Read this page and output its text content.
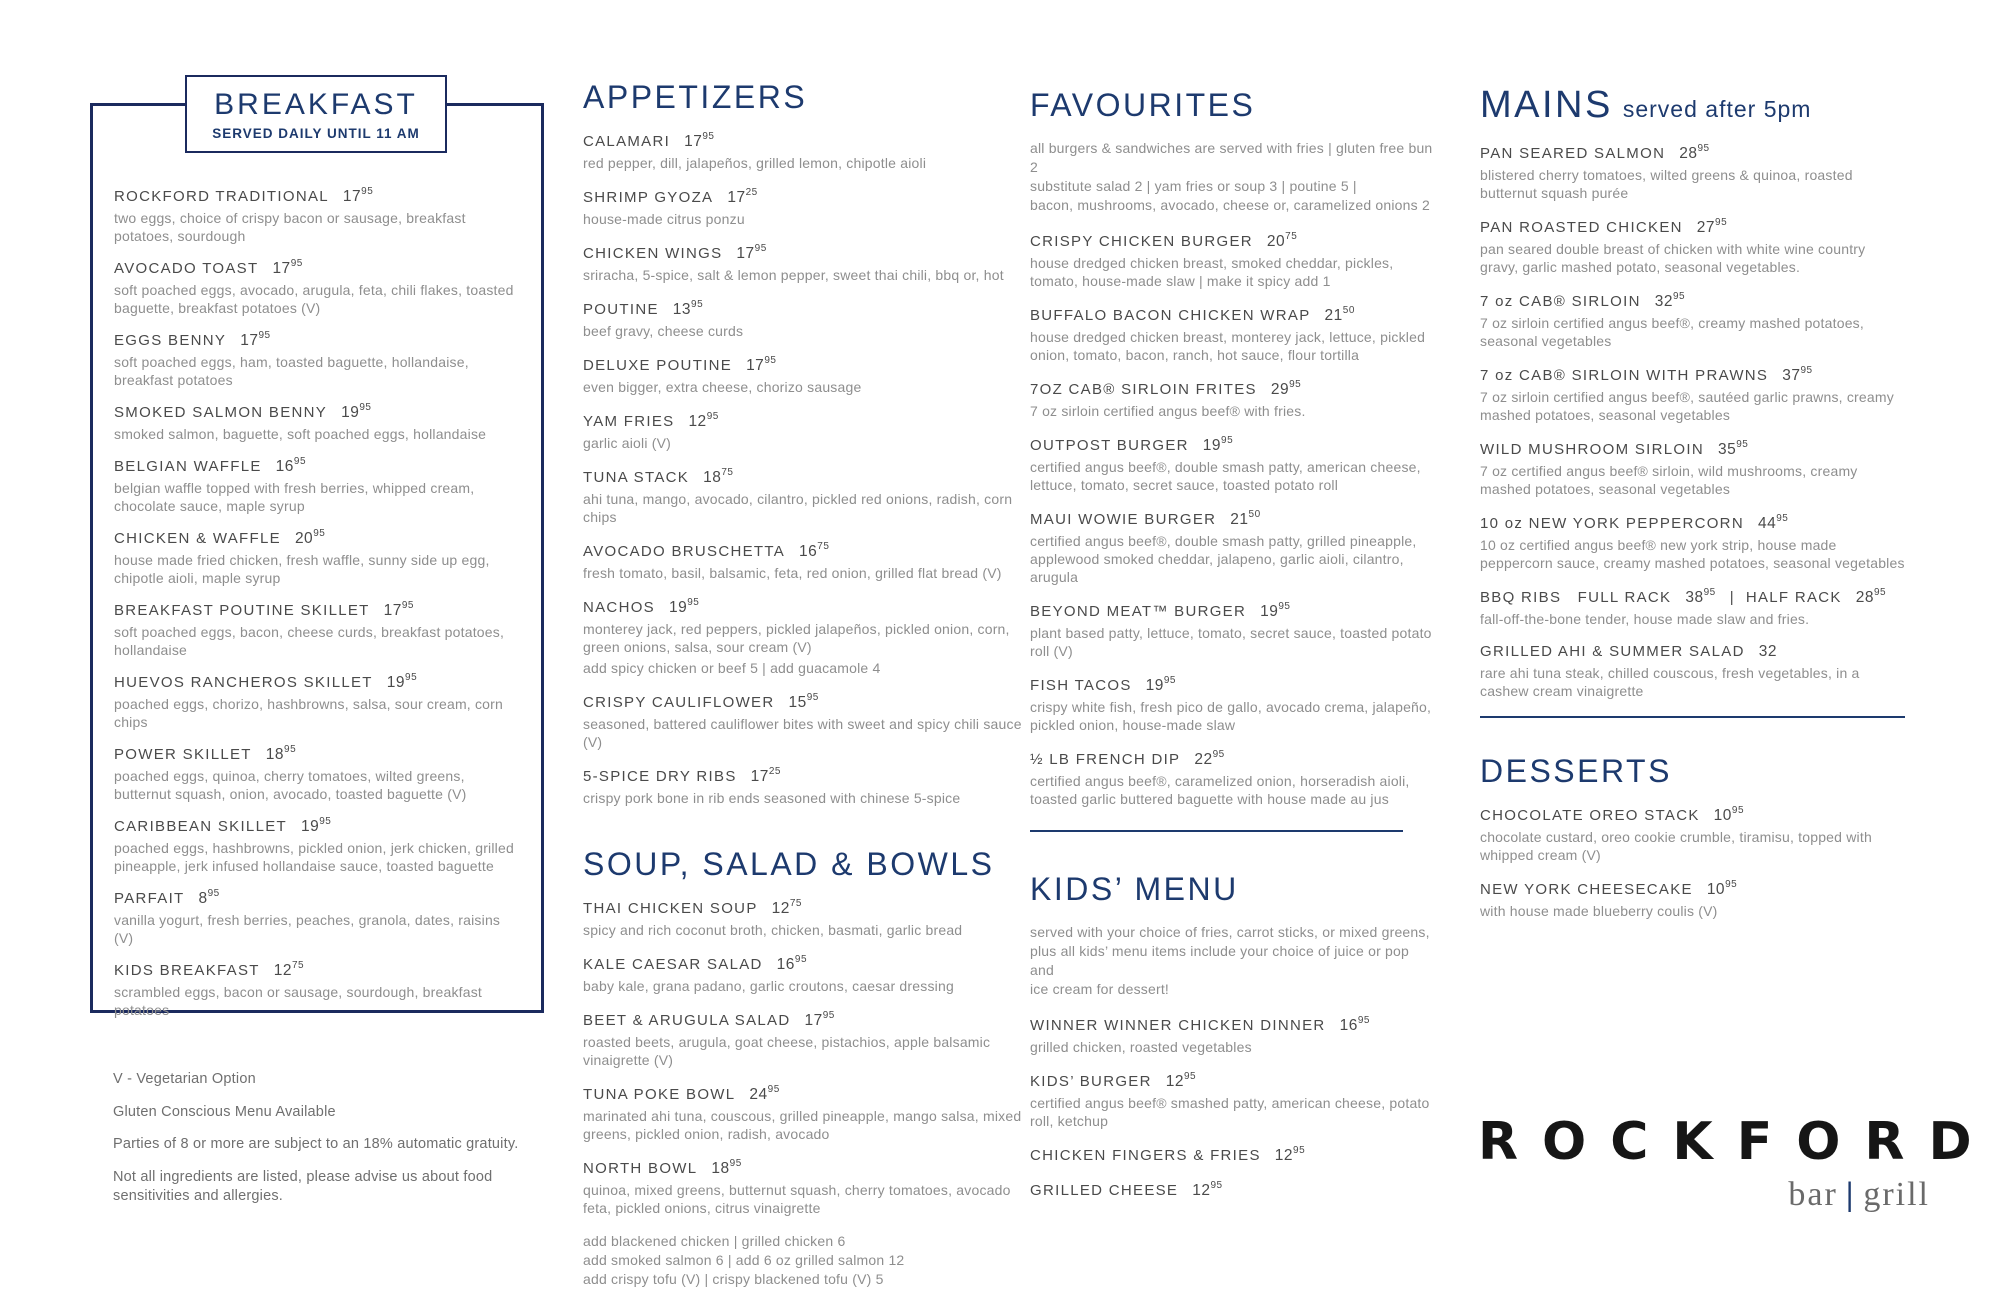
BREAKFAST
SERVED DAILY UNTIL 11 AM
ROCKFORD TRADITIONAL $17^{95}$
two eggs, choice of crispy bacon or sausage, breakfast potatoes, sourdough
AVOCADO TOAST $17^{95}$
soft poached eggs, avocado, arugula, feta, chili flakes, toasted baguette, breakfast potatoes (V)
EGGS BENNY $17^{95}$
soft poached eggs, ham, toasted baguette, hollandaise, breakfast potatoes
SMOKED SALMON BENNY $19^{95}$
smoked salmon, baguette, soft poached eggs, hollandaise
BELGIAN WAFFLE $16^{95}$
belgian waffle topped with fresh berries, whipped cream, chocolate sauce, maple syrup
CHICKEN & WAFFLE $20^{95}$
house made fried chicken, fresh waffle, sunny side up egg, chipotle aioli, maple syrup
BREAKFAST POUTINE SKILLET $17^{95}$
soft poached eggs, bacon, cheese curds, breakfast potatoes, hollandaise
HUEVOS RANCHEROS SKILLET $19^{95}$
poached eggs, chorizo, hashbrowns, salsa, sour cream, corn chips
POWER SKILLET $18^{95}$
poached eggs, quinoa, cherry tomatoes, wilted greens, butternut squash, onion, avocado, toasted baguette (V)
CARIBBEAN SKILLET $19^{95}$
poached eggs, hashbrowns, pickled onion, jerk chicken, grilled pineapple, jerk infused hollandaise sauce, toasted baguette
PARFAIT $8^{95}$
vanilla yogurt, fresh berries, peaches, granola, dates, raisins (V)
KIDS BREAKFAST $12^{75}$
scrambled eggs, bacon or sausage, sourdough, breakfast potatoes

V - Vegetarian Option

Gluten Conscious Menu Available

Parties of 8 or more are subject to an 18% automatic gratuity.

Not all ingredients are listed, please advise us about food sensitivities and allergies.

APPETIZERS
CALAMARI $17^{95}$
red pepper, dill, jalapeños, grilled lemon, chipotle aioli
SHRIMP GYOZA $17^{25}$
house-made citrus ponzu
CHICKEN WINGS $17^{95}$
sriracha, 5-spice, salt & lemon pepper, sweet thai chili, bbq or, hot
POUTINE $13^{95}$
beef gravy, cheese curds
DELUXE POUTINE $17^{95}$
even bigger, extra cheese, chorizo sausage
YAM FRIES $12^{95}$
garlic aioli (V)
TUNA STACK $18^{75}$
ahi tuna, mango, avocado, cilantro, pickled red onions, radish, corn chips
AVOCADO BRUSCHETTA $16^{75}$
fresh tomato, basil, balsamic, feta, red onion, grilled flat bread (V)
NACHOS $19^{95}$
monterey jack, red peppers, pickled jalapeños, pickled onion, corn, green onions, salsa, sour cream (V)
add spicy chicken or beef 5 | add guacamole 4
CRISPY CAULIFLOWER $15^{95}$
seasoned, battered cauliflower bites with sweet and spicy chili sauce (V)
5-SPICE DRY RIBS $17^{25}$
crispy pork bone in rib ends seasoned with chinese 5-spice
SOUP, SALAD & BOWLS
THAI CHICKEN SOUP $12^{75}$
spicy and rich coconut broth, chicken, basmati, garlic bread
KALE CAESAR SALAD $16^{95}$
baby kale, grana padano, garlic croutons, caesar dressing
BEET & ARUGULA SALAD $17^{95}$
roasted beets, arugula, goat cheese, pistachios, apple balsamic vinaigrette (V)
TUNA POKE BOWL $24^{95}$
marinated ahi tuna, couscous, grilled pineapple, mango salsa, mixed greens, pickled onion, radish, avocado
NORTH BOWL $18^{95}$
quinoa, mixed greens, butternut squash, cherry tomatoes, avocado feta, pickled onions, citrus vinaigrette
add blackened chicken | grilled chicken 6
add smoked salmon 6 | add 6 oz grilled salmon 12
add crispy tofu (V) | crispy blackened tofu (V) 5
FAVOURITES
all burgers & sandwiches are served with fries | gluten free bun 2
substitute salad 2 | yam fries or soup 3 | poutine 5 |
bacon, mushrooms, avocado, cheese or, caramelized onions 2
CRISPY CHICKEN BURGER $20^{75}$
house dredged chicken breast, smoked cheddar, pickles, tomato, house-made slaw | make it spicy add 1
BUFFALO BACON CHICKEN WRAP $21^{50}$
house dredged chicken breast, monterey jack, lettuce, pickled onion, tomato, bacon, ranch, hot sauce, flour tortilla
7OZ CAB® SIRLOIN FRITES $29^{95}$
7 oz sirloin certified angus beef® with fries.
OUTPOST BURGER $19^{95}$
certified angus beef®, double smash patty, american cheese, lettuce, tomato, secret sauce, toasted potato roll
MAUI WOWIE BURGER $21^{50}$
certified angus beef®, double smash patty, grilled pineapple, applewood smoked cheddar, jalapeno, garlic aioli, cilantro, arugula
BEYOND MEAT™ BURGER $19^{95}$
plant based patty, lettuce, tomato, secret sauce, toasted potato roll (V)
FISH TACOS $19^{95}$
crispy white fish, fresh pico de gallo, avocado crema, jalapeño, pickled onion, house-made slaw
½ LB FRENCH DIP $22^{95}$
certified angus beef®, caramelized onion, horseradish aioli, toasted garlic buttered baguette with house made au jus
KIDS’ MENU
served with your choice of fries, carrot sticks, or mixed greens,
plus all kids’ menu items include your choice of juice or pop and
ice cream for dessert!
WINNER WINNER CHICKEN DINNER $16^{95}$
grilled chicken, roasted vegetables
KIDS’ BURGER $12^{95}$
certified angus beef® smashed patty, american cheese, potato roll, ketchup
CHICKEN FINGERS & FRIES $12^{95}$
GRILLED CHEESE $12^{95}$
MAINS served after 5pm
PAN SEARED SALMON $28^{95}$
blistered cherry tomatoes, wilted greens & quinoa, roasted butternut squash purée
PAN ROASTED CHICKEN $27^{95}$
pan seared double breast of chicken with white wine country gravy, garlic mashed potato, seasonal vegetables.
7 oz CAB® SIRLOIN $32^{95}$
7 oz sirloin certified angus beef®, creamy mashed potatoes, seasonal vegetables
7 oz CAB® SIRLOIN WITH PRAWNS $37^{95}$
7 oz sirloin certified angus beef®, sautéed garlic prawns, creamy mashed potatoes, seasonal vegetables
WILD MUSHROOM SIRLOIN $35^{95}$
7 oz certified angus beef® sirloin, wild mushrooms, creamy mashed potatoes, seasonal vegetables
10 oz NEW YORK PEPPERCORN $44^{95}$
10 oz certified angus beef® new york strip, house made peppercorn sauce, creamy mashed potatoes, seasonal vegetables
BBQ RIBS   FULL RACK $38^{95}$ |  HALF RACK $28^{95}$
fall-off-the-bone tender, house made slaw and fries.
GRILLED AHI & SUMMER SALAD 32
rare ahi tuna steak, chilled couscous, fresh vegetables, in a cashew cream vinaigrette
DESSERTS
CHOCOLATE OREO STACK $10^{95}$
chocolate custard, oreo cookie crumble, tiramisu, topped with whipped cream (V)
NEW YORK CHEESECAKE $10^{95}$
with house made blueberry coulis (V)
ROCKFORD
bar | grill
